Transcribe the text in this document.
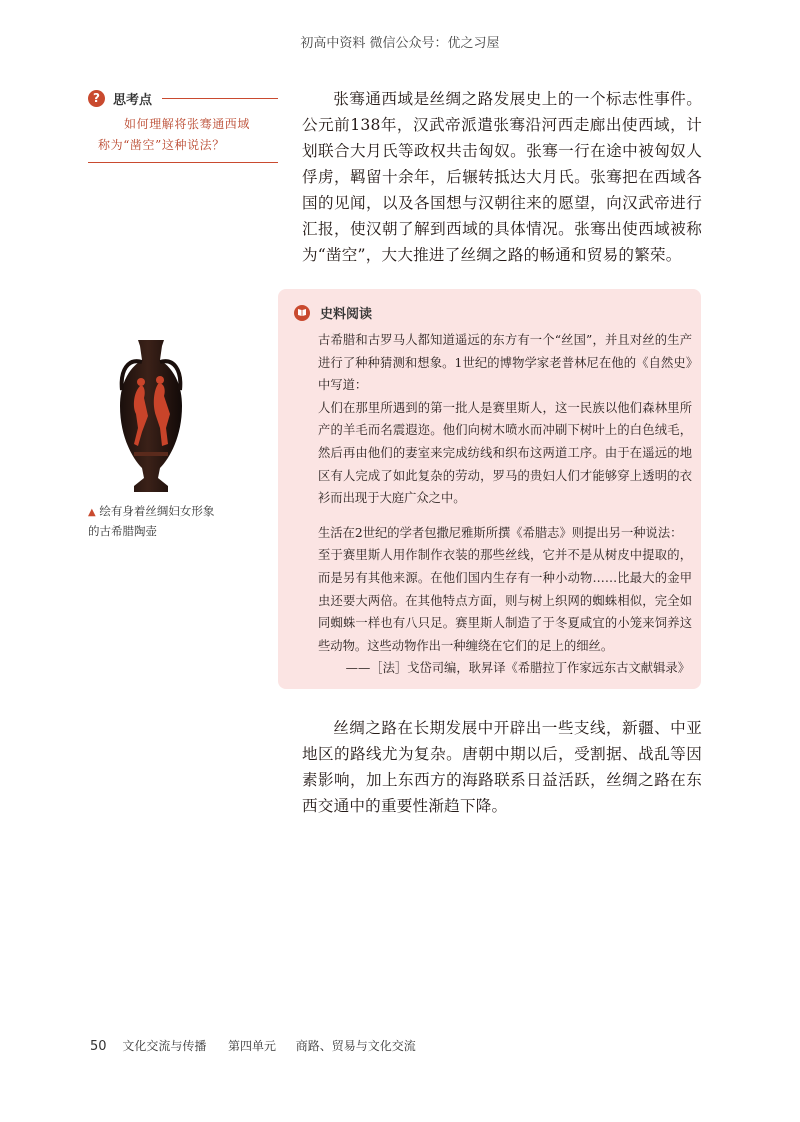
初高中资料 微信公众号：优之习屋
?	思考点
如何理解将张骞通西域
称为“凿空”这种说法？
张骞通西域是丝绸之路发展史上的一个标志性事件。公元前138年，汉武帝派遣张骞沿河西走廊出使西域，计划联合大月氏等政权共击匈奴。张骞一行在途中被匈奴人俘虏，羁留十余年，后辗转抵达大月氏。张骞把在西域各国的见闻，以及各国想与汉朝往来的愿望，向汉武帝进行汇报，使汉朝了解到西域的具体情况。张骞出使西域被称为“凿空”，大大推进了丝绸之路的畅通和贸易的繁荣。
史料阅读

古希腊和古罗马人都知道遥远的东方有一个“丝国”，并且对丝的生产进行了种种猜测和想象。1世纪的博物学家老普林尼在他的《自然史》中写道：

人们在那里所遇到的第一批人是赛里斯人，这一民族以他们森林里所产的羊毛而名震遐迩。他们向树木喷水而冲刷下树叶上的白色绒毛，然后再由他们的妻室来完成纺线和织布这两道工序。由于在遥远的地区有人完成了如此复杂的劳动，罗马的贵妇人们才能够穿上透明的衣衫而出现于大庭广众之中。

生活在2世纪的学者包撒尼雅斯所撰《希腊志》则提出另一种说法：

至于赛里斯人用作制作衣装的那些丝线，它并不是从树皮中提取的，而是另有其他来源。在他们国内生存有一种小动物……比最大的金甲虫还要大两倍。在其他特点方面，则与树上织网的蜘蛛相似，完全如同蜘蛛一样也有八只足。赛里斯人制造了于冬夏咸宜的小笼来饲养这些动物。这些动物作出一种缠绕在它们的足上的细丝。

——［法］戈岱司编，耿昇译《希腊拉丁作家远东古文献辑录》

▲ 绘有身着丝绸妇女形象
的古希腊陶壶
丝绸之路在长期发展中开辟出一些支线，新疆、中亚地区的路线尤为复杂。唐朝中期以后，受割据、战乱等因素影响，加上东西方的海路联系日益活跃，丝绸之路在东西交通中的重要性渐趋下降。
50 文化交流与传播 第四单元 商路、贸易与文化交流
